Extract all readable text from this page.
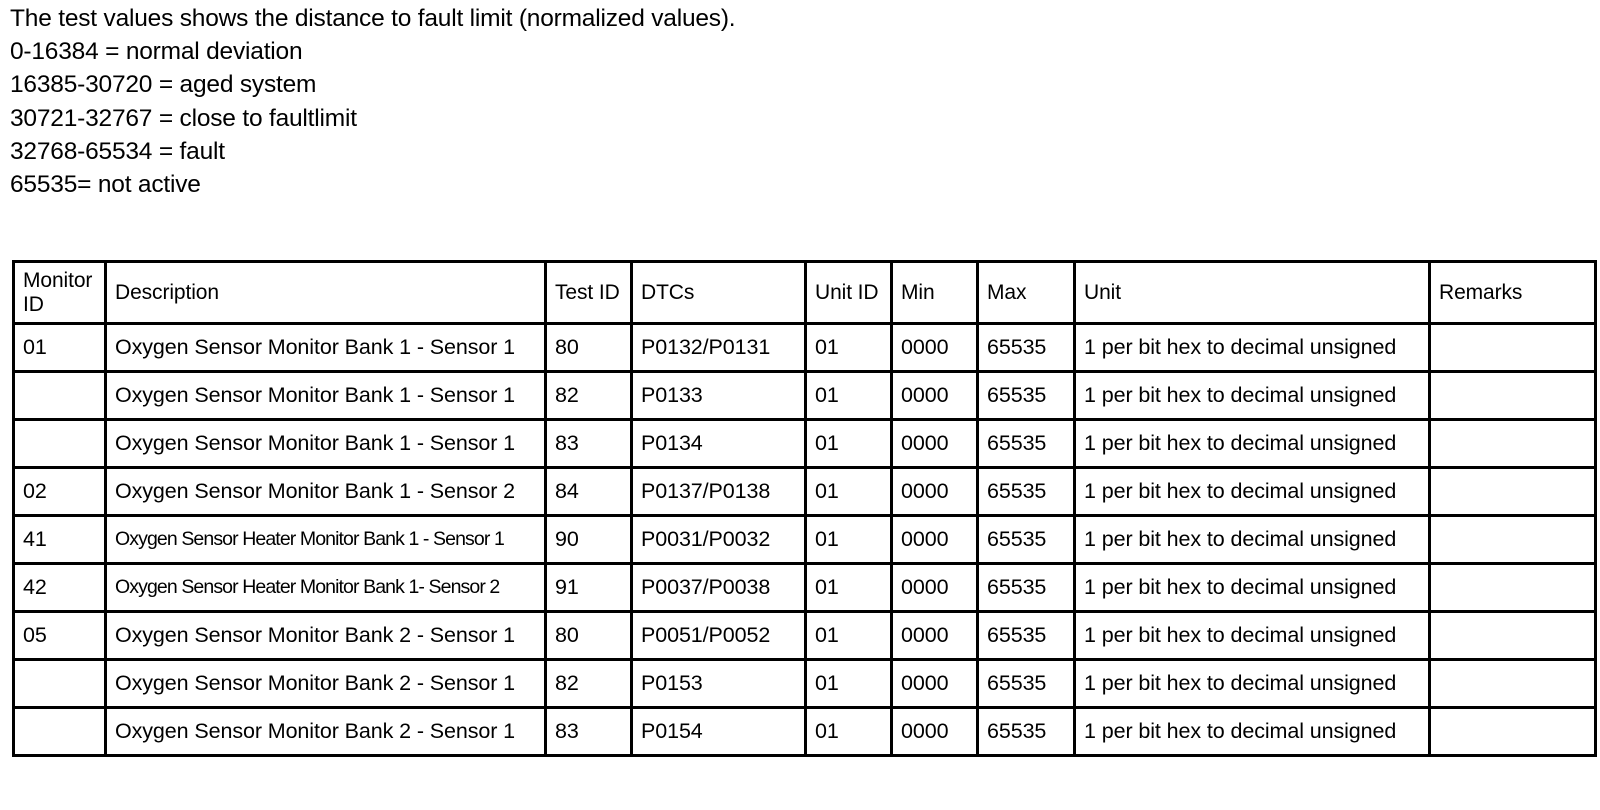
The test values shows the distance to fault limit (normalized values).
0-16384 = normal deviation
16385-30720 = aged system
30721-32767 = close to faultlimit
32768-65534 = fault
65535= not active
Monitor ID	Description	Test ID	DTCs	Unit ID	Min	Max	Unit	Remarks
01	Oxygen Sensor Monitor Bank 1 - Sensor 1	80	P0132/P0131	01	0000	65535	1 per bit hex to decimal unsigned	
	Oxygen Sensor Monitor Bank 1 - Sensor 1	82	P0133	01	0000	65535	1 per bit hex to decimal unsigned	
	Oxygen Sensor Monitor Bank 1 - Sensor 1	83	P0134	01	0000	65535	1 per bit hex to decimal unsigned	
02	Oxygen Sensor Monitor Bank 1 - Sensor 2	84	P0137/P0138	01	0000	65535	1 per bit hex to decimal unsigned	
41	Oxygen Sensor Heater Monitor Bank 1 - Sensor 1	90	P0031/P0032	01	0000	65535	1 per bit hex to decimal unsigned	
42	Oxygen Sensor Heater Monitor Bank 1- Sensor 2	91	P0037/P0038	01	0000	65535	1 per bit hex to decimal unsigned	
05	Oxygen Sensor Monitor Bank 2 - Sensor 1	80	P0051/P0052	01	0000	65535	1 per bit hex to decimal unsigned	
	Oxygen Sensor Monitor Bank 2 - Sensor 1	82	P0153	01	0000	65535	1 per bit hex to decimal unsigned	
	Oxygen Sensor Monitor Bank 2 - Sensor 1	83	P0154	01	0000	65535	1 per bit hex to decimal unsigned	
